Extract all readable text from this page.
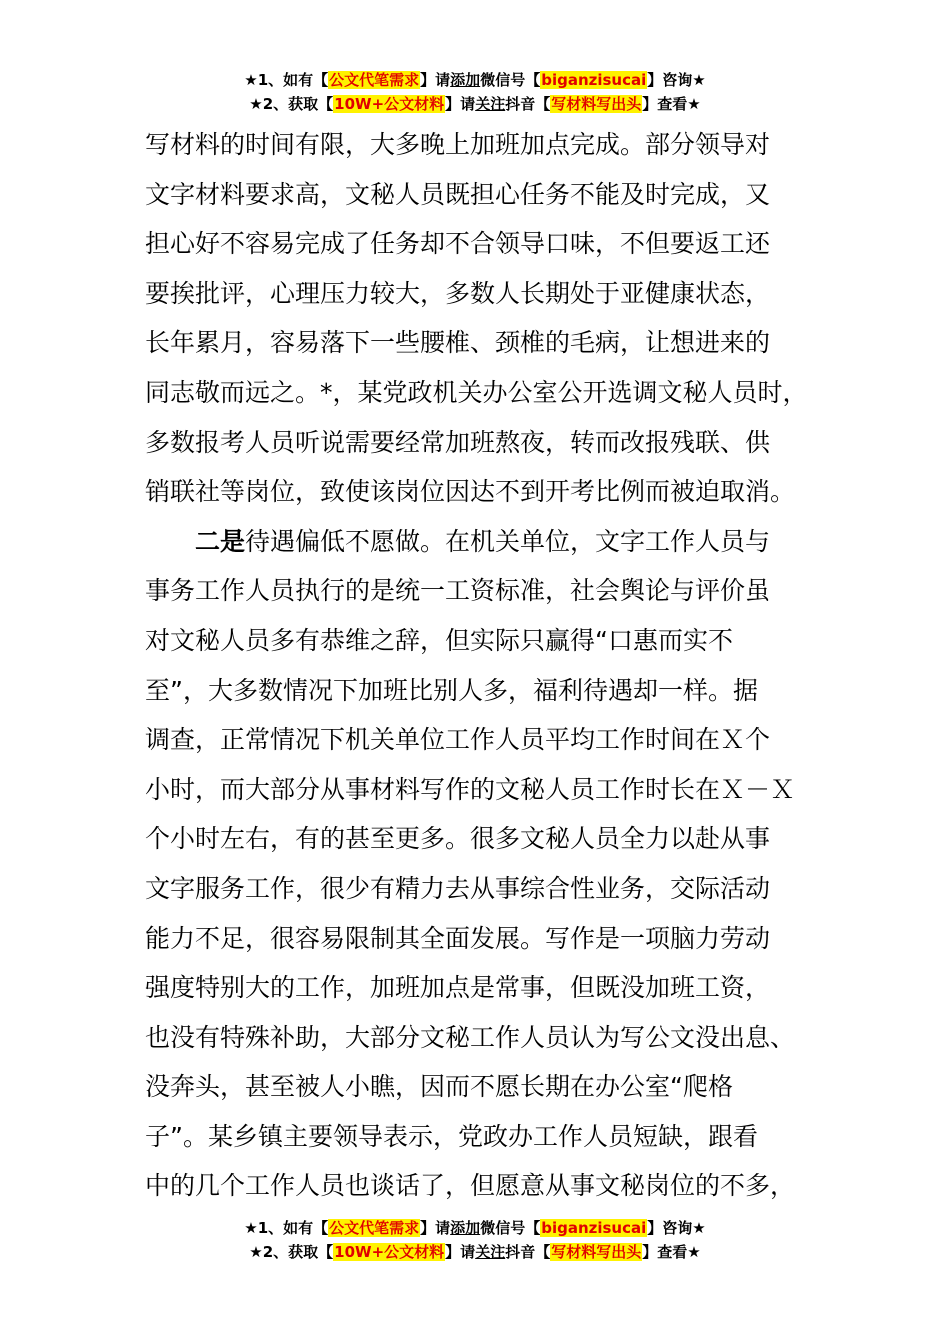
★1、如有【公文代笔需求】请添加微信号【biganzisucai】咨询★
★2、获取【10W+公文材料】请关注抖音【写材料写出头】查看★
写材料的时间有限，大多晚上加班加点完成。部分领导对
文字材料要求高，文秘人员既担心任务不能及时完成，又
担心好不容易完成了任务却不合领导口味，不但要返工还
要挨批评，心理压力较大，多数人长期处于亚健康状态，
长年累月，容易落下一些腰椎、颈椎的毛病，让想进来的
同志敬而远之。*，某党政机关办公室公开选调文秘人员时，
多数报考人员听说需要经常加班熬夜，转而改报残联、供
销联社等岗位，致使该岗位因达不到开考比例而被迫取消。
二是待遇偏低不愿做。在机关单位，文字工作人员与
事务工作人员执行的是统一工资标准，社会舆论与评价虽
对文秘人员多有恭维之辞，但实际只赢得“口惠而实不
至”，大多数情况下加班比别人多，福利待遇却一样。据
调查，正常情况下机关单位工作人员平均工作时间在Ｘ个
小时，而大部分从事材料写作的文秘人员工作时长在Ｘ－Ｘ
个小时左右，有的甚至更多。很多文秘人员全力以赴从事
文字服务工作，很少有精力去从事综合性业务，交际活动
能力不足，很容易限制其全面发展。写作是一项脑力劳动
强度特别大的工作，加班加点是常事，但既没加班工资，
也没有特殊补助，大部分文秘工作人员认为写公文没出息、
没奔头，甚至被人小瞧，因而不愿长期在办公室“爬格
子”。某乡镇主要领导表示，党政办工作人员短缺，跟看
中的几个工作人员也谈话了，但愿意从事文秘岗位的不多，
★1、如有【公文代笔需求】请添加微信号【biganzisucai】咨询★
★2、获取【10W+公文材料】请关注抖音【写材料写出头】查看★
